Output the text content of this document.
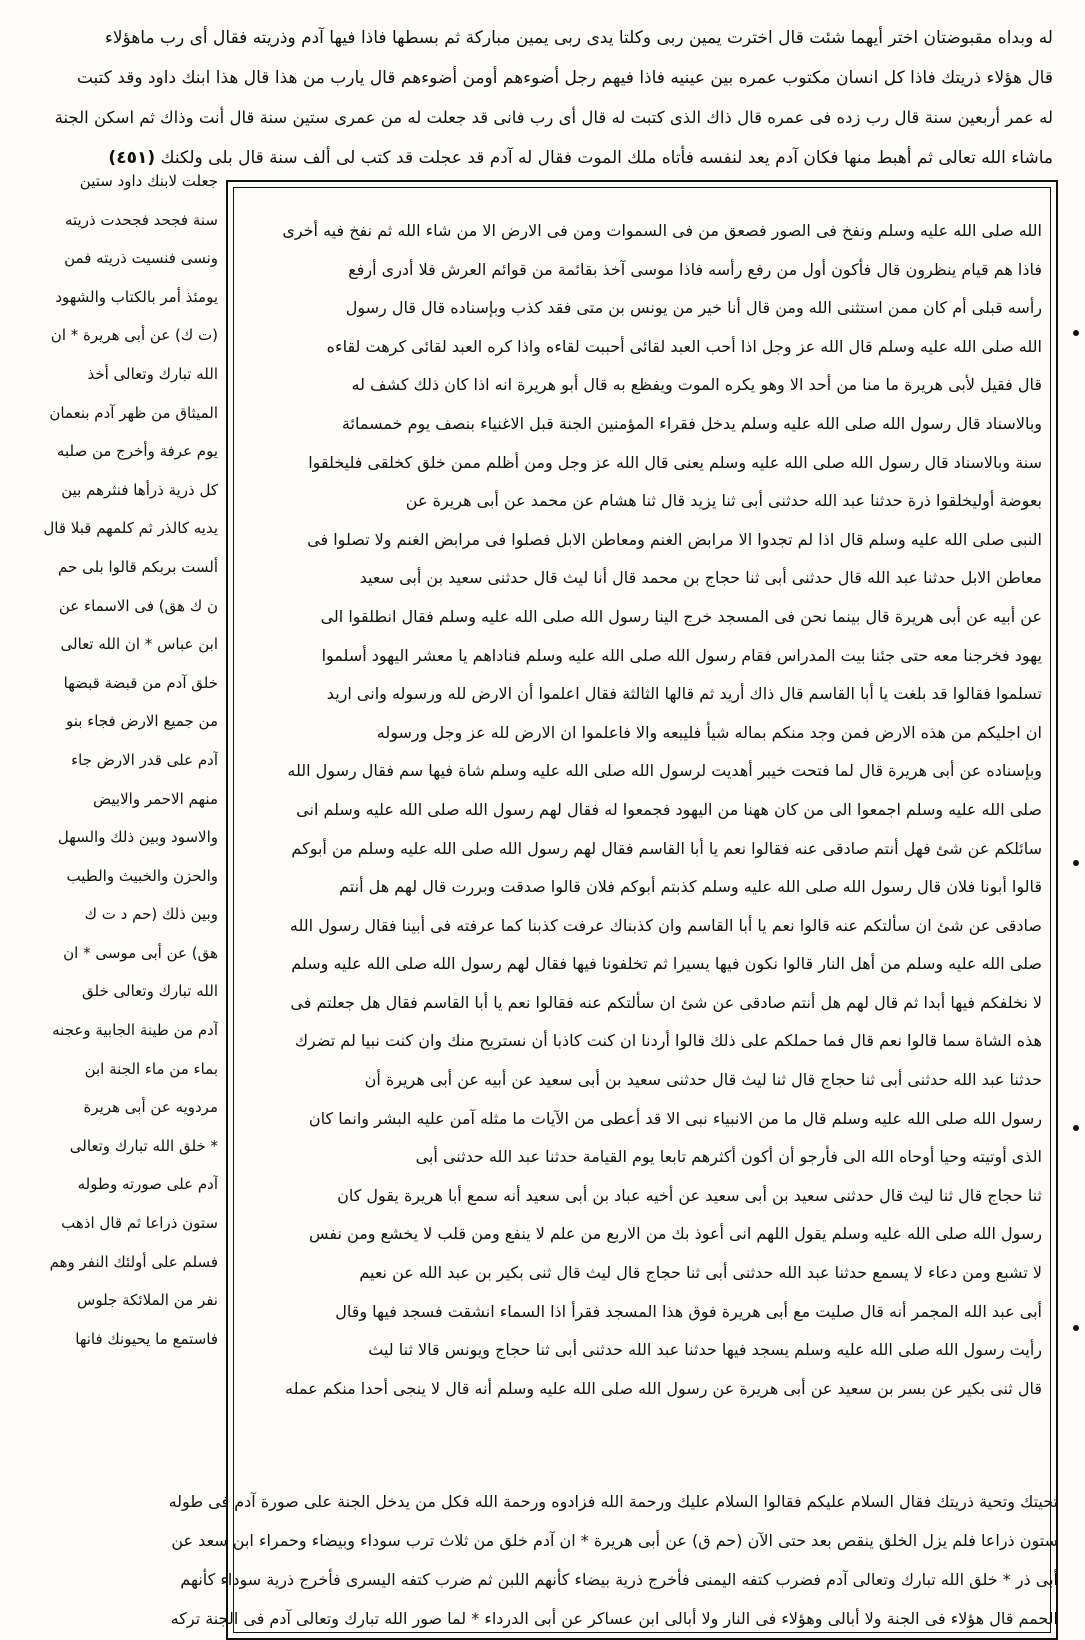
له وبداه مقبوضتان اختر أيهما شئت قال اخترت يمين ربى وكلتا يدى ربى يمين مباركة ثم بسطها فاذا فيها آدم وذريته فقال أى رب ماهؤلاء
قال هؤلاء ذريتك فاذا كل انسان مكتوب عمره بين عينيه فاذا فيهم رجل أضوءهم أومن أضوءهم قال يارب من هذا قال هذا ابنك داود وقد كتبت
له عمر أربعين سنة قال رب زده فى عمره قال ذاك الذى كتبت له قال أى رب فانى قد جعلت له من عمرى ستين سنة قال أنت وذاك ثم اسكن الجنة
ماشاء الله تعالى ثم أهبط منها فكان آدم يعد لنفسه فأتاه ملك الموت فقال له آدم قد عجلت قد كتب لى ألف سنة قال بلى ولكنك (٤٥١)
جعلت لابنك داود ستين
سنة فجحد فجحدت ذريته
ونسى فنسيت ذريته فمن
يومئذ أمر بالكتاب والشهود
(ت ك) عن أبى هريرة * ان
الله تبارك وتعالى أخذ
الميثاق من ظهر آدم بنعمان
يوم عرفة وأخرج من صلبه
كل ذرية ذرأها فنثرهم بين
يديه كالذر ثم كلمهم قبلا قال
ألست بربكم قالوا بلى حم
ن ك هق) فى الاسماء عن
ابن عباس * ان الله تعالى
خلق آدم من قبضة قبضها
من جميع الارض فجاء بنو
آدم على قدر الارض جاء
منهم الاحمر والابيض
والاسود وبين ذلك والسهل
والحزن والخبيث والطيب
وبين ذلك (حم د ت ك
هق) عن أبى موسى * ان
الله تبارك وتعالى خلق
آدم من طينة الجابية وعجنه
بماء من ماء الجنة ابن
مردويه عن أبى هريرة
* خلق الله تبارك وتعالى
آدم على صورته وطوله
ستون ذراعا ثم قال اذهب
فسلم على أولئك النفر وهم
نفر من الملائكة جلوس
فاستمع ما يحيونك فانها
الله صلى الله عليه وسلم ونفخ فى الصور فصعق من فى السموات ومن فى الارض الا من شاء الله ثم نفخ فيه أخرى
فاذا هم قيام ينظرون قال فأكون أول من رفع رأسه فاذا موسى آخذ بقائمة من قوائم العرش فلا أدرى أرفع
رأسه قبلى أم كان ممن استثنى الله ومن قال أنا خير من يونس بن متى فقد كذب وبإسناده قال قال رسول
الله صلى الله عليه وسلم قال الله عز وجل اذا أحب العبد لقائى أحببت لقاءه واذا كره العبد لقائى كرهت لقاءه
قال فقيل لأبى هريرة ما منا من أحد الا وهو يكره الموت ويفظع به قال أبو هريرة انه اذا كان ذلك كشف له
وبالاسناد قال رسول الله صلى الله عليه وسلم يدخل فقراء المؤمنين الجنة قبل الاغنياء بنصف يوم خمسمائة
سنة وبالاسناد قال رسول الله صلى الله عليه وسلم يعنى قال الله عز وجل ومن أظلم ممن خلق كخلقى فليخلقوا
بعوضة أوليخلقوا ذرة حدثنا عبد الله حدثنى أبى ثنا يزيد قال ثنا هشام عن محمد عن أبى هريرة عن
النبى صلى الله عليه وسلم قال اذا لم تجدوا الا مرابض الغنم ومعاطن الابل فصلوا فى مرابض الغنم ولا تصلوا فى
معاطن الابل حدثنا عبد الله قال حدثنى أبى ثنا حجاج بن محمد قال أنا ليث قال حدثنى سعيد بن أبى سعيد
عن أبيه عن أبى هريرة قال بينما نحن فى المسجد خرج الينا رسول الله صلى الله عليه وسلم فقال انطلقوا الى
يهود فخرجنا معه حتى جئنا بيت المدراس فقام رسول الله صلى الله عليه وسلم فناداهم يا معشر اليهود أسلموا
تسلموا فقالوا قد بلغت يا أبا القاسم قال ذاك أريد ثم قالها الثالثة فقال اعلموا أن الارض لله ورسوله وانى اريد
ان اجليكم من هذه الارض فمن وجد منكم بماله شيأ فليبعه والا فاعلموا ان الارض لله عز وجل ورسوله
وبإسناده عن أبى هريرة قال لما فتحت خيبر أهديت لرسول الله صلى الله عليه وسلم شاة فيها سم فقال رسول الله
صلى الله عليه وسلم اجمعوا الى من كان ههنا من اليهود فجمعوا له فقال لهم رسول الله صلى الله عليه وسلم انى
سائلكم عن شئ فهل أنتم صادقى عنه فقالوا نعم يا أبا القاسم فقال لهم رسول الله صلى الله عليه وسلم من أبوكم
قالوا أبونا فلان قال رسول الله صلى الله عليه وسلم كذبتم أبوكم فلان قالوا صدقت وبررت قال لهم هل أنتم
صادقى عن شئ ان سألتكم عنه قالوا نعم يا أبا القاسم وان كذبناك عرفت كذبنا كما عرفته فى أبينا فقال رسول الله
صلى الله عليه وسلم من أهل النار قالوا نكون فيها يسيرا ثم تخلفونا فيها فقال لهم رسول الله صلى الله عليه وسلم
لا نخلفكم فيها أبدا ثم قال لهم هل أنتم صادقى عن شئ ان سألتكم عنه فقالوا نعم يا أبا القاسم فقال هل جعلتم فى
هذه الشاة سما قالوا نعم قال فما حملكم على ذلك قالوا أردنا ان كنت كاذبا أن نستريح منك وان كنت نبيا لم تضرك
حدثنا عبد الله حدثنى أبى ثنا حجاج قال ثنا ليث قال حدثنى سعيد بن أبى سعيد عن أبيه عن أبى هريرة أن
رسول الله صلى الله عليه وسلم قال ما من الانبياء نبى الا قد أعطى من الآيات ما مثله آمن عليه البشر وانما كان
الذى أوتيته وحيا أوحاه الله الى فأرجو أن أكون أكثرهم تابعا يوم القيامة حدثنا عبد الله حدثنى أبى
ثنا حجاج قال ثنا ليث قال حدثنى سعيد بن أبى سعيد عن أخيه عباد بن أبى سعيد أنه سمع أبا هريرة يقول كان
رسول الله صلى الله عليه وسلم يقول اللهم انى أعوذ بك من الاربع من علم لا ينفع ومن قلب لا يخشع ومن نفس
لا تشبع ومن دعاء لا يسمع حدثنا عبد الله حدثنى أبى ثنا حجاج قال ليث قال ثنى بكير بن عبد الله عن نعيم
أبى عبد الله المجمر أنه قال صليت مع أبى هريرة فوق هذا المسجد فقرأ اذا السماء انشقت فسجد فيها وقال
رأيت رسول الله صلى الله عليه وسلم يسجد فيها حدثنا عبد الله حدثنى أبى ثنا حجاج ويونس قالا ثنا ليث
قال ثنى بكير عن بسر بن سعيد عن أبى هريرة عن رسول الله صلى الله عليه وسلم أنه قال لا ينجى أحدا منكم عمله
تحيتك وتحية ذريتك فقال السلام عليكم فقالوا السلام عليك ورحمة الله فزادوه ورحمة الله فكل من يدخل الجنة على صورة آدم فى طوله
ستون ذراعا فلم يزل الخلق ينقص بعد حتى الآن (حم ق) عن أبى هريرة * ان آدم خلق من ثلاث ترب سوداء وبيضاء وحمراء ابن سعد عن
أبى ذر * خلق الله تبارك وتعالى آدم فضرب كتفه اليمنى فأخرج ذرية بيضاء كأنهم اللبن ثم ضرب كتفه اليسرى فأخرج ذرية سوداء كأنهم
الحمم قال هؤلاء فى الجنة ولا أبالى وهؤلاء فى النار ولا أبالى ابن عساكر عن أبى الدرداء * لما صور الله تبارك وتعالى آدم فى الجنة تركه
